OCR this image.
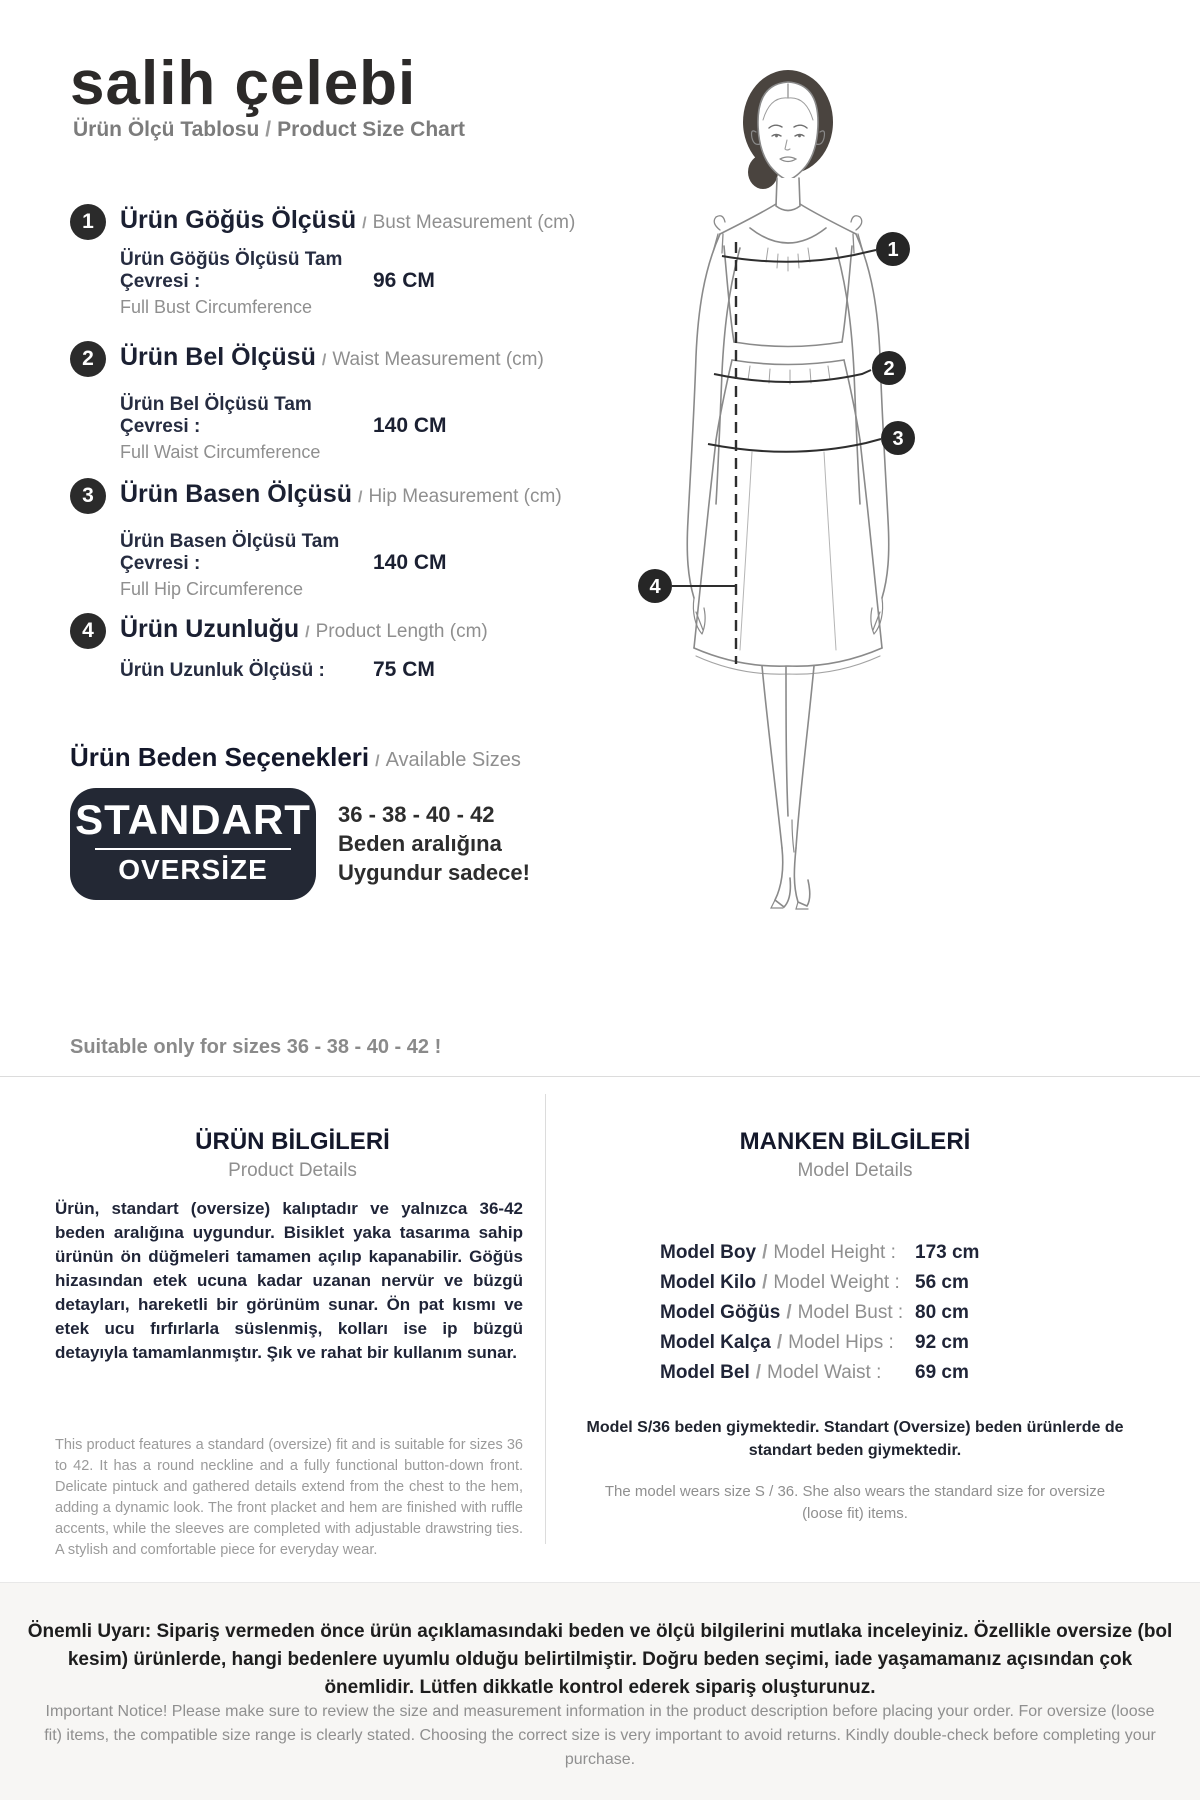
salih çelebi
Ürün Ölçü Tablosu / Product Size Chart
1	Ürün Göğüs Ölçüsü / Bust Measurement (cm)
Ürün Göğüs Ölçüsü Tam Çevresi :	96 CM
Full Bust Circumference
2	Ürün Bel Ölçüsü / Waist Measurement (cm)
Ürün Bel Ölçüsü Tam Çevresi :	140 CM
Full Waist Circumference
3	Ürün Basen Ölçüsü / Hip Measurement (cm)
Ürün Basen Ölçüsü Tam Çevresi :	140 CM
Full Hip Circumference
4	Ürün Uzunluğu / Product Length (cm)
Ürün Uzunluk Ölçüsü : 75 CM
Ürün Beden Seçenekleri / Available Sizes
STANDART
OVERSİZE
36 - 38 - 40 - 42
Beden aralığına
Uygundur sadece!
Suitable only for sizes 36 - 38 - 40 - 42 !
ÜRÜN BİLGİLERİ
Product Details
Ürün, standart (oversize) kalıptadır ve yalnızca 36-42 beden aralığına uygundur. Bisiklet yaka tasarıma sahip ürünün ön düğmeleri tamamen açılıp kapanabilir. Göğüs hizasından etek ucuna kadar uzanan nervür ve büzgü detayları, hareketli bir görünüm sunar. Ön pat kısmı ve etek ucu fırfırlarla süslenmiş, kolları ise ip büzgü detayıyla tamamlanmıştır. Şık ve rahat bir kullanım sunar.
This product features a standard (oversize) fit and is suitable for sizes 36 to 42. It has a round neckline and a fully functional button-down front. Delicate pintuck and gathered details extend from the chest to the hem, adding a dynamic look. The front placket and hem are finished with ruffle accents, while the sleeves are completed with adjustable drawstring ties. A stylish and comfortable piece for everyday wear.
MANKEN BİLGİLERİ
Model Details
Model Boy / Model Height :	173 cm
Model Kilo / Model Weight : 56 cm
Model Göğüs / Model Bust : 80 cm
Model Kalça / Model Hips :	92 cm
Model Bel / Model Waist :	69 cm
Model S/36 beden giymektedir. Standart (Oversize) beden ürünlerde de standart beden giymektedir.
The model wears size S / 36. She also wears the standard size for oversize (loose fit) items.
Önemli Uyarı: Sipariş vermeden önce ürün açıklamasındaki beden ve ölçü bilgilerini mutlaka inceleyiniz. Özellikle oversize (bol kesim) ürünlerde, hangi bedenlere uyumlu olduğu belirtilmiştir. Doğru beden seçimi, iade yaşamamanız açısından çok önemlidir. Lütfen dikkatle kontrol ederek sipariş oluşturunuz.
Important Notice! Please make sure to review the size and measurement information in the product description before placing your order. For oversize (loose fit) items, the compatible size range is clearly stated. Choosing the correct size is very important to avoid returns. Kindly double-check before completing your purchase.
1
2
3
4
